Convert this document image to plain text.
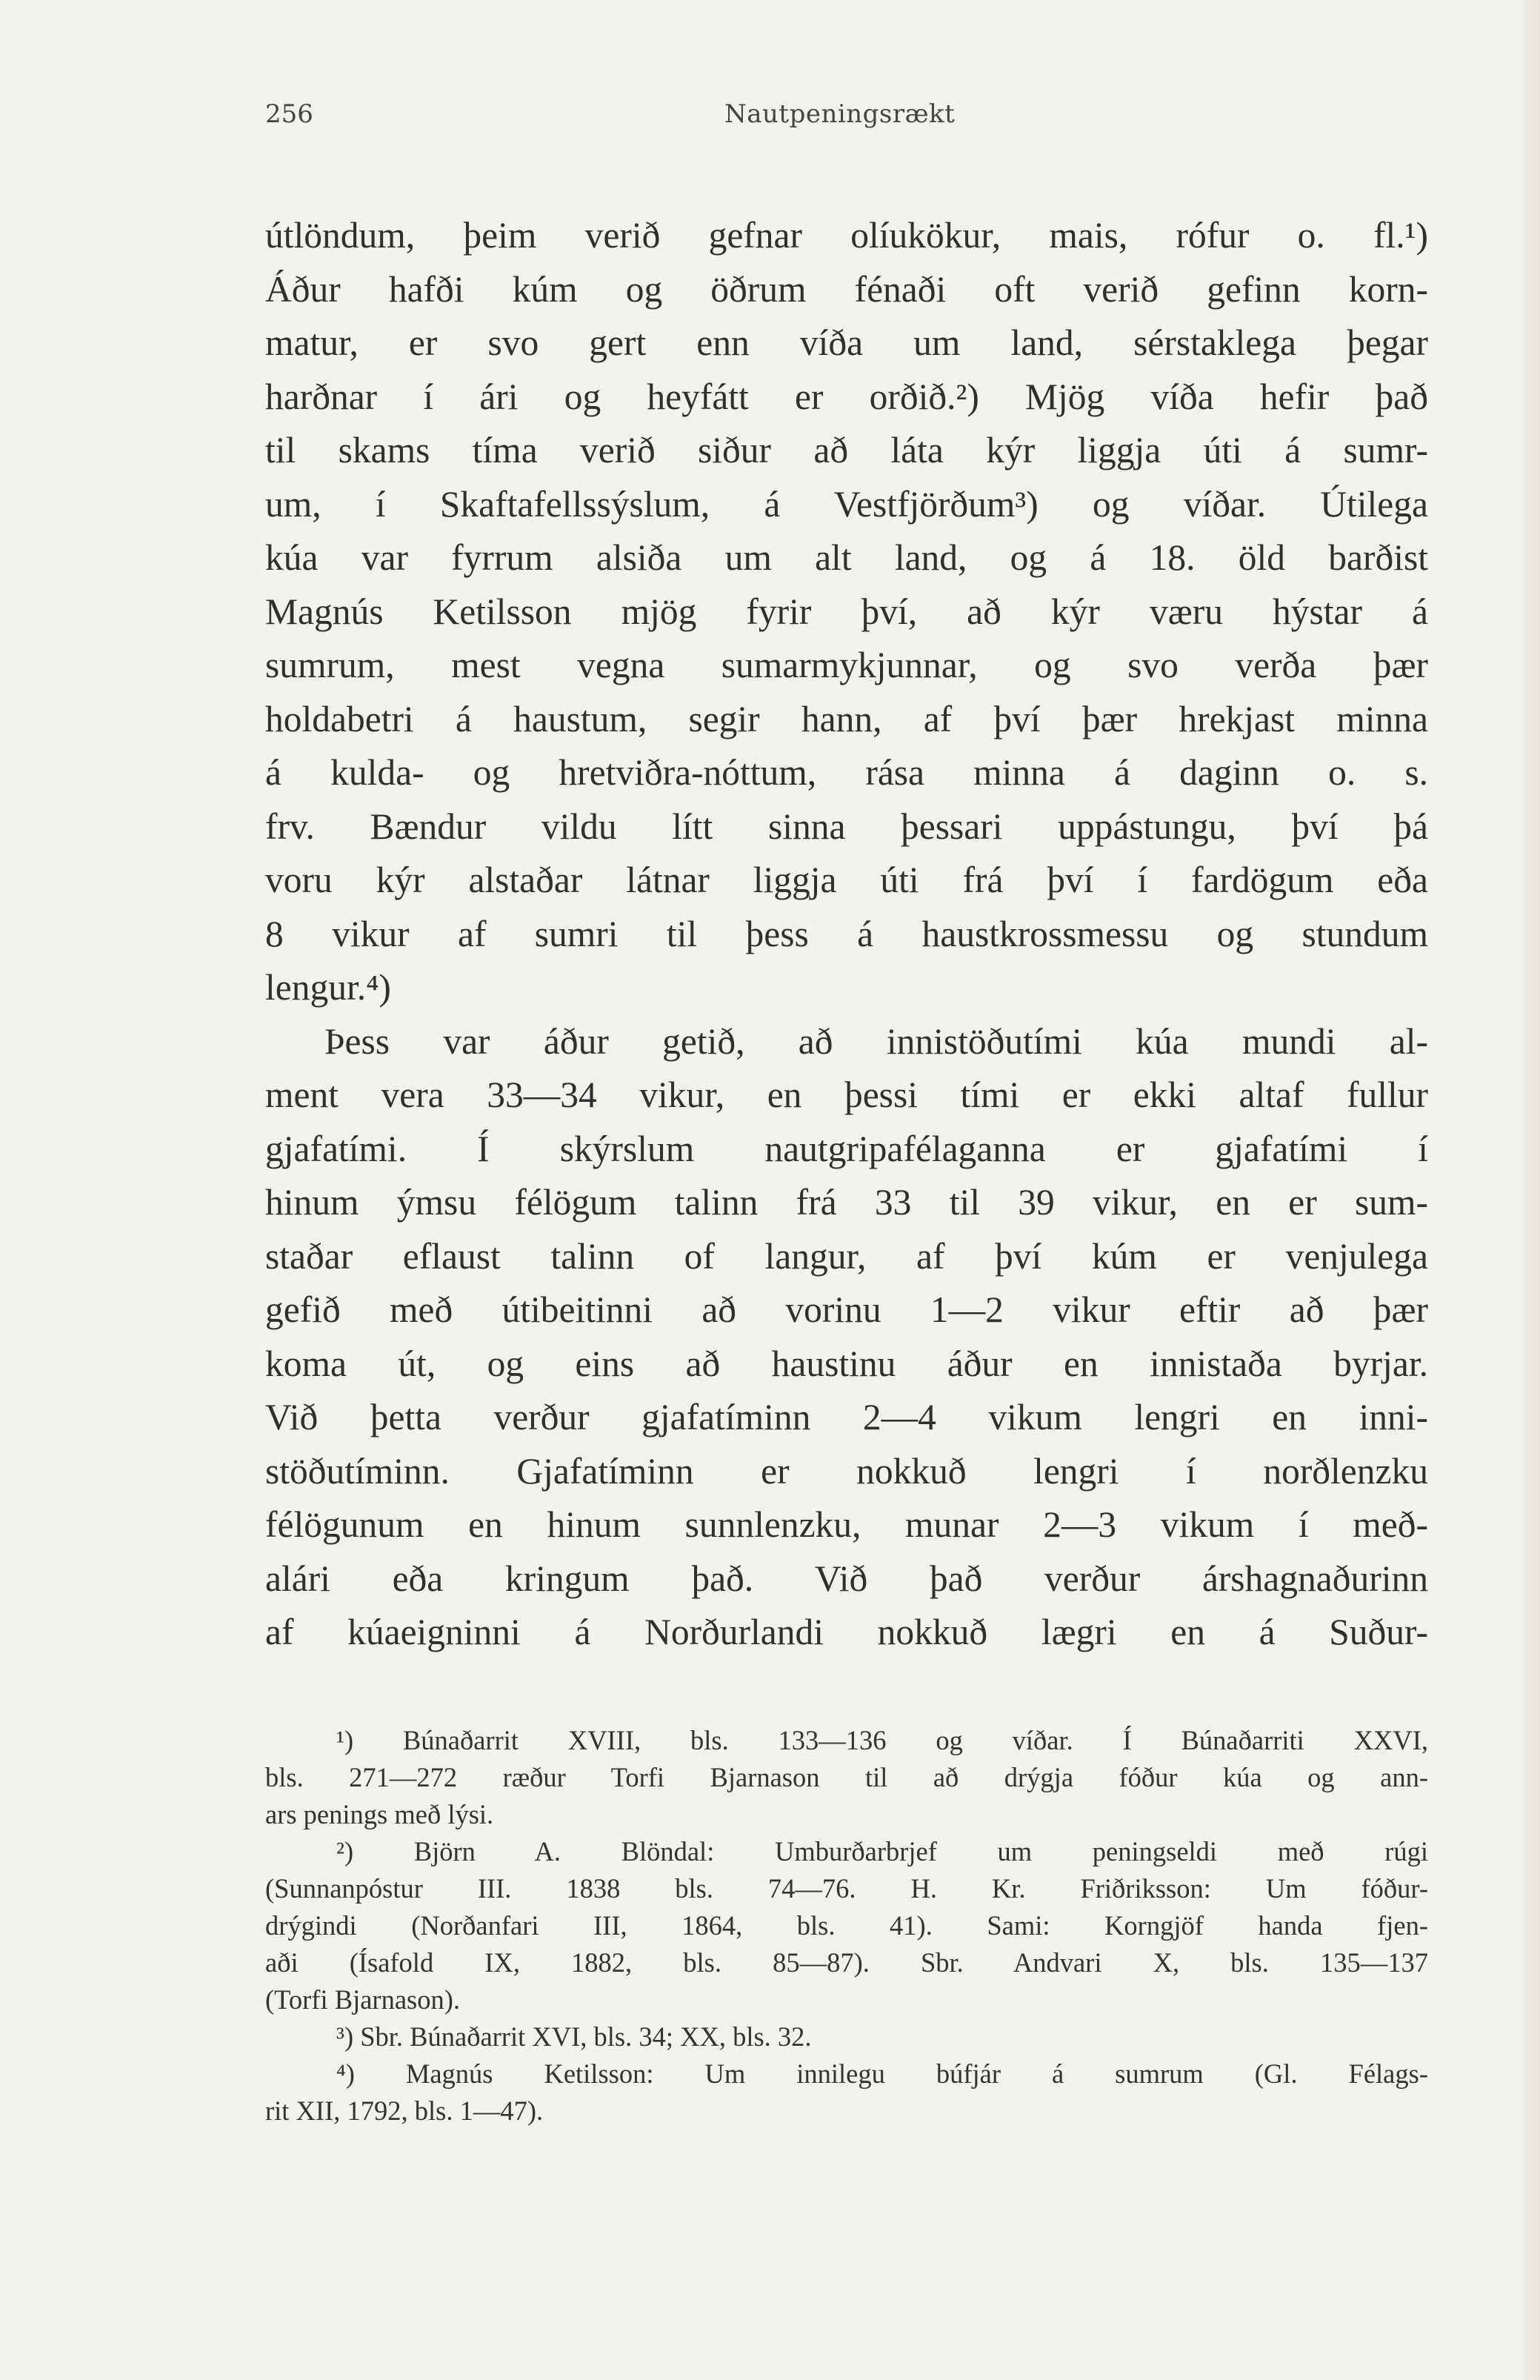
256	Nautpeningsrækt
útlöndum, þeim verið gefnar olíukökur, mais, rófur o. fl.¹)
Áður hafði kúm og öðrum fénaði oft verið gefinn korn-
matur, er svo gert enn víða um land, sérstaklega þegar
harðnar í ári og heyfátt er orðið.²) Mjög víða hefir það
til skams tíma verið siður að láta kýr liggja úti á sumr-
um, í Skaftafellssýslum, á Vestfjörðum³) og víðar. Útilega
kúa var fyrrum alsiða um alt land, og á 18. öld barðist
Magnús Ketilsson mjög fyrir því, að kýr væru hýstar á
sumrum, mest vegna sumarmykjunnar, og svo verða þær
holdabetri á haustum, segir hann, af því þær hrekjast minna
á kulda- og hretviðra-nóttum, rása minna á daginn o. s.
frv. Bændur vildu lítt sinna þessari uppástungu, því þá
voru kýr alstaðar látnar liggja úti frá því í fardögum eða
8 vikur af sumri til þess á haustkrossmessu og stundum
lengur.⁴)
Þess var áður getið, að innistöðutími kúa mundi al-
ment vera 33—34 vikur, en þessi tími er ekki altaf fullur
gjafatími. Í skýrslum nautgripafélaganna er gjafatími í
hinum ýmsu félögum talinn frá 33 til 39 vikur, en er sum-
staðar eflaust talinn of langur, af því kúm er venjulega
gefið með útibeitinni að vorinu 1—2 vikur eftir að þær
koma út, og eins að haustinu áður en innistaða byrjar.
Við þetta verður gjafatíminn 2—4 vikum lengri en inni-
stöðutíminn. Gjafatíminn er nokkuð lengri í norðlenzku
félögunum en hinum sunnlenzku, munar 2—3 vikum í með-
alári eða kringum það. Við það verður árshagnaðurinn
af kúaeigninni á Norðurlandi nokkuð lægri en á Suður-
¹) Búnaðarrit XVIII, bls. 133—136 og víðar. Í Búnaðarriti XXVI,
bls. 271—272 ræður Torfi Bjarnason til að drýgja fóður kúa og ann-
ars penings með lýsi.
²) Björn A. Blöndal: Umburðarbrjef um peningseldi með rúgi
(Sunnanpóstur III. 1838 bls. 74—76. H. Kr. Friðriksson: Um fóður-
drýgindi (Norðanfari III, 1864, bls. 41). Sami: Korngjöf handa fjen-
aði (Ísafold IX, 1882, bls. 85—87). Sbr. Andvari X, bls. 135—137
(Torfi Bjarnason).
³) Sbr. Búnaðarrit XVI, bls. 34; XX, bls. 32.
⁴) Magnús Ketilsson: Um innilegu búfjár á sumrum (Gl. Félags-
rit XII, 1792, bls. 1—47).
